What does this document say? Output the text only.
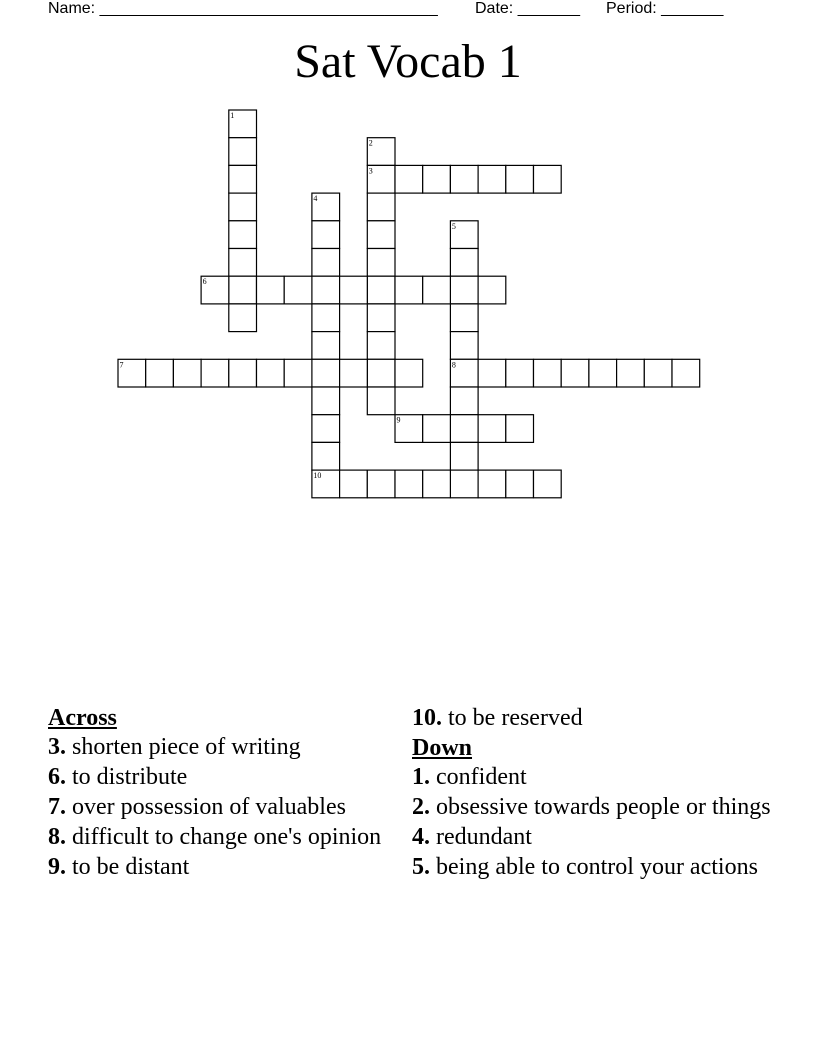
Name: ______________________________________ Date: _______ Period: _______
Sat Vocab 1
1
2
3
4
5
6
7	8
9
10
Across
3. shorten piece of writing
6. to distribute
7. over possession of valuables
8. difficult to change one's opinion
9. to be distant
10. to be reserved
Down
1. confident
2. obsessive towards people or things
4. redundant
5. being able to control your actions
